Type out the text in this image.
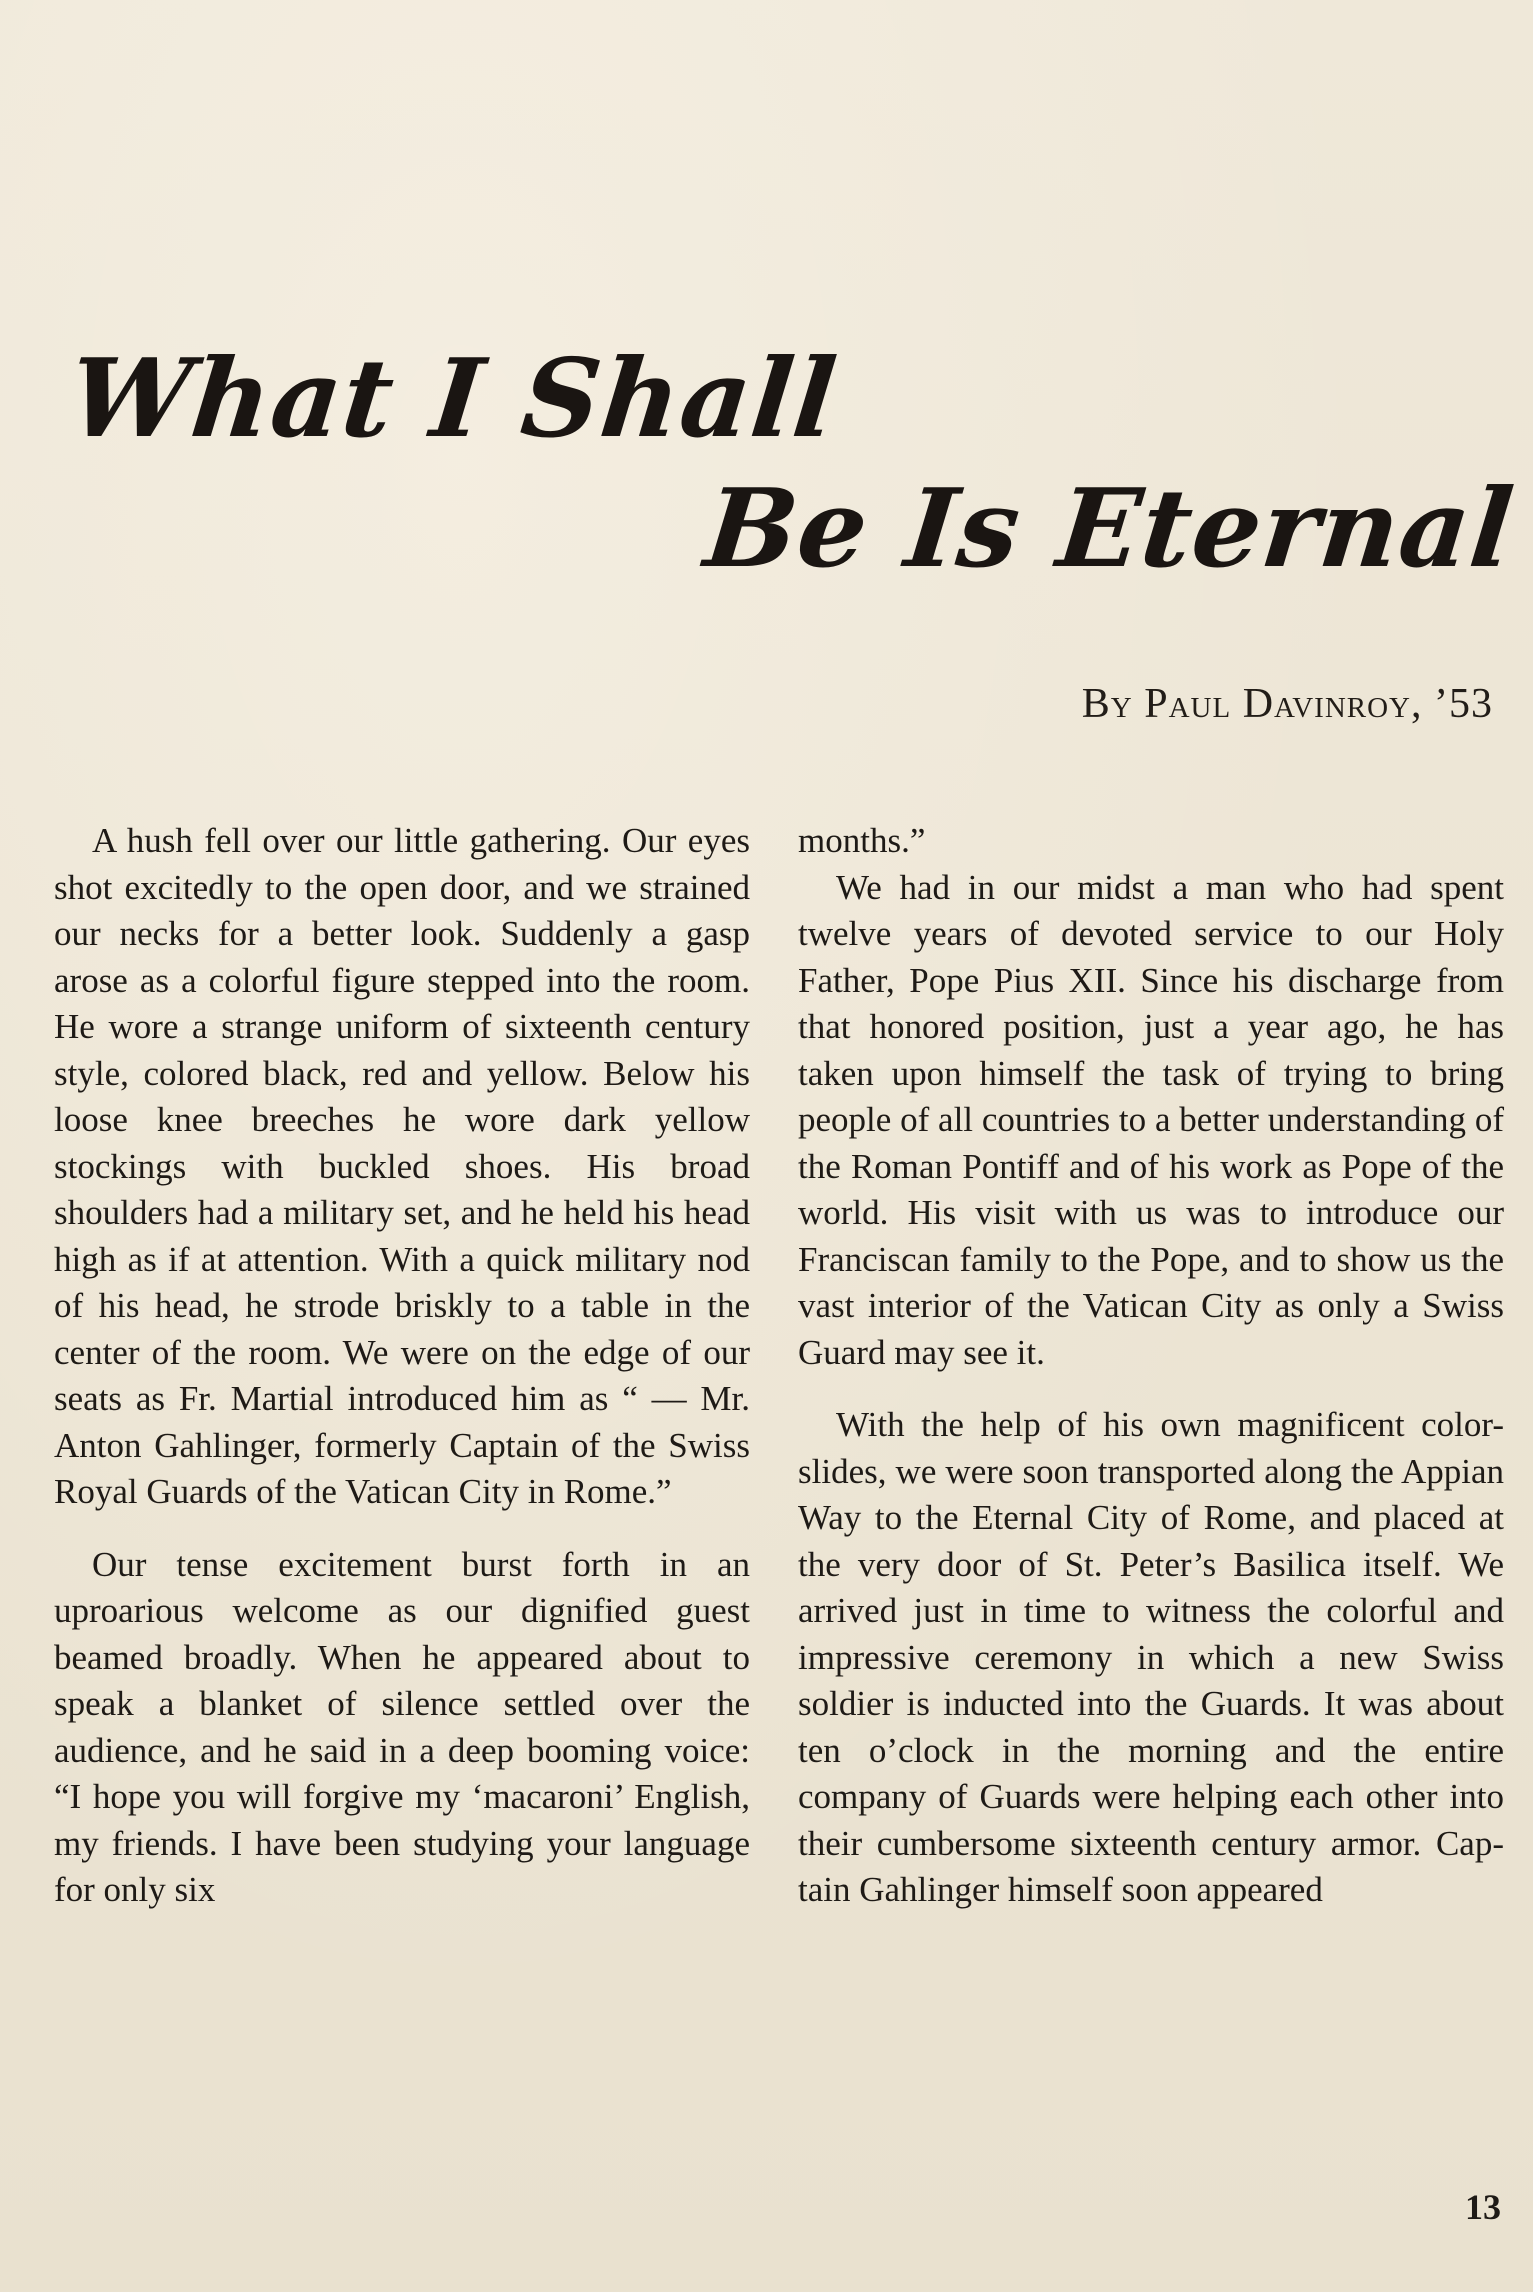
What I Shall
Be Is Eternal
By Paul Davinroy, ’53

A hush fell over our little gathering. Our eyes shot excitedly to the open door, and we strained our necks for a better look. Suddenly a gasp arose as a colorful figure stepped into the room. He wore a strange uniform of sixteenth century style, colored black, red and yellow. Below his loose knee breeches he wore dark yellow stockings with buckled shoes. His broad shoulders had a military set, and he held his head high as if at attention. With a quick military nod of his head, he strode briskly to a table in the center of the room. We were on the edge of our seats as Fr. Martial introduced him as “ — Mr. Anton Gahlinger, formerly Captain of the Swiss Royal Guards of the Vatican City in Rome.”

Our tense excitement burst forth in an uproarious welcome as our dignified guest beamed broadly. When he appeared about to speak a blanket of silence settled over the audience, and he said in a deep booming voice: “I hope you will forgive my ‘macaroni’ English, my friends. I have been studying your language for only six

months.”

We had in our midst a man who had spent twelve years of devoted service to our Holy Father, Pope Pius XII. Since his discharge from that honored position, just a year ago, he has taken upon himself the task of trying to bring people of all countries to a better understanding of the Roman Pontiff and of his work as Pope of the world. His visit with us was to introduce our Franciscan family to the Pope, and to show us the vast interior of the Vatican City as only a Swiss Guard may see it.

With the help of his own magnificent color-slides, we were soon transported along the Appian Way to the Eternal City of Rome, and placed at the very door of St. Peter’s Basilica itself. We arrived just in time to witness the colorful and impressive ceremony in which a new Swiss soldier is inducted into the Guards. It was about ten o’clock in the morning and the entire company of Guards were helping each other into their cumbersome sixteenth century armor. Captain Gahlinger himself soon appeared

13
